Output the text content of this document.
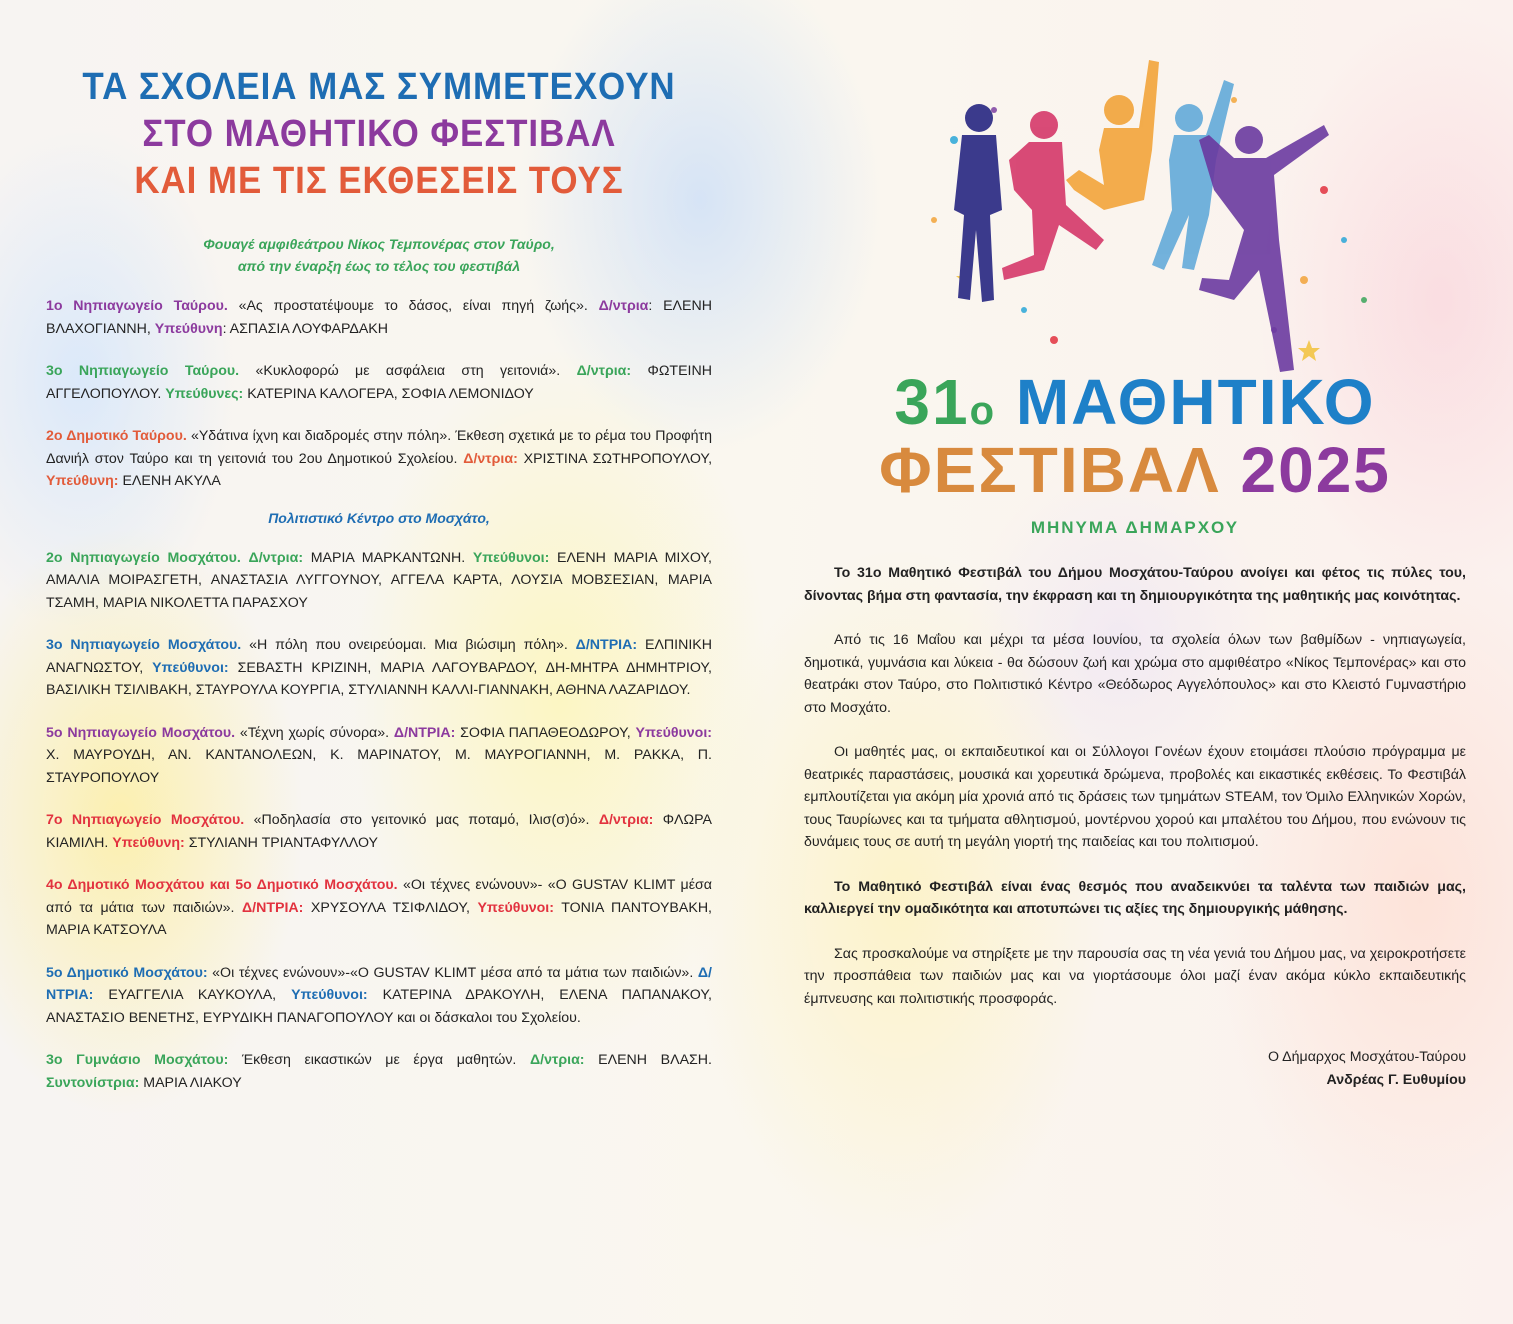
ΤΑ ΣΧΟΛΕΙΑ ΜΑΣ ΣΥΜΜΕΤΕΧΟΥΝ
ΣΤΟ ΜΑΘΗΤΙΚΟ ΦΕΣΤΙΒΑΛ
ΚΑΙ ΜΕ ΤΙΣ ΕΚΘΕΣΕΙΣ ΤΟΥΣ
Φουαγέ αμφιθεάτρου Νίκος Τεμπονέρας στον Ταύρο,
από την έναρξη έως το τέλος του φεστιβάλ

1ο Νηπιαγωγείο Ταύρου. «Ας προστατέψουμε το δάσος, είναι πηγή ζωής». Δ/ντρια: ΕΛΕΝΗ ΒΛΑΧΟΓΙΑΝΝΗ, Υπεύθυνη: ΑΣΠΑΣΙΑ ΛΟΥΦΑΡΔΑΚΗ

3ο Νηπιαγωγείο Ταύρου. «Κυκλοφορώ με ασφάλεια στη γειτονιά». Δ/ντρια: ΦΩΤΕΙΝΗ ΑΓΓΕΛΟΠΟΥΛΟΥ. Υπεύθυνες: ΚΑΤΕΡΙΝΑ ΚΑΛΟΓΕΡΑ, ΣΟΦΙΑ ΛΕΜΟΝΙΔΟΥ

2ο Δημοτικό Ταύρου. «Υδάτινα ίχνη και διαδρομές στην πόλη». Έκθεση σχετικά με το ρέμα του Προφήτη Δανιήλ στον Ταύρο και τη γειτονιά του 2ου Δημοτικού Σχολείου. Δ/ντρια: ΧΡΙΣΤΙΝΑ ΣΩΤΗΡΟΠΟΥΛΟΥ, Υπεύθυνη: ΕΛΕΝΗ ΑΚΥΛΑ

Πολιτιστικό Κέντρο στο Μοσχάτο,

2ο Νηπιαγωγείο Μοσχάτου. Δ/ντρια: ΜΑΡΙΑ ΜΑΡΚΑΝΤΩΝΗ. Υπεύθυνοι: ΕΛΕΝΗ ΜΑΡΙΑ ΜΙΧΟΥ, ΑΜΑΛΙΑ ΜΟΙΡΑΣΓΕΤΗ, ΑΝΑΣΤΑΣΙΑ ΛΥΓΓΟΥΝΟΥ, ΑΓΓΕΛΑ ΚΑΡΤΑ, ΛΟΥΣΙΑ ΜΟΒΣΕΣΙΑΝ, ΜΑΡΙΑ ΤΣΑΜΗ, ΜΑΡΙΑ ΝΙΚΟΛΕΤΤΑ ΠΑΡΑΣΧΟΥ

3ο Νηπιαγωγείο Μοσχάτου. «Η πόλη που ονειρεύομαι. Μια βιώσιμη πόλη». Δ/ΝΤΡΙΑ: ΕΛΠΙΝΙΚΗ ΑΝΑΓΝΩΣΤΟΥ, Υπεύθυνοι: ΣΕΒΑΣΤΗ ΚΡΙΖΙΝΗ, ΜΑΡΙΑ ΛΑΓΟΥΒΑΡΔΟΥ, ΔΗ-ΜΗΤΡΑ ΔΗΜΗΤΡΙΟΥ, ΒΑΣΙΛΙΚΗ ΤΣΙΛΙΒΑΚΗ, ΣΤΑΥΡΟΥΛΑ ΚΟΥΡΓΙΑ, ΣΤΥΛΙΑΝΝΗ ΚΑΛΛΙ-ΓΙΑΝΝΑΚΗ, ΑΘΗΝΑ ΛΑΖΑΡΙΔΟΥ.

5ο Νηπιαγωγείο Μοσχάτου. «Τέχνη χωρίς σύνορα». Δ/ΝΤΡΙΑ: ΣΟΦΙΑ ΠΑΠΑΘΕΟΔΩΡΟΥ, Υπεύθυνοι: Χ. ΜΑΥΡΟΥΔΗ, ΑΝ. ΚΑΝΤΑΝΟΛΕΩΝ, Κ. ΜΑΡΙΝΑΤΟΥ, Μ. ΜΑΥΡΟΓΙΑΝΝΗ, Μ. ΡΑΚΚΑ, Π. ΣΤΑΥΡΟΠΟΥΛΟΥ

7ο Νηπιαγωγείο Μοσχάτου. «Ποδηλασία στο γειτονικό μας ποταμό, Ιλισ(σ)ό». Δ/ντρια: ΦΛΩΡΑ ΚΙΑΜΙΛΗ. Υπεύθυνη: ΣΤΥΛΙΑΝΗ ΤΡΙΑΝΤΑΦΥΛΛΟΥ

4ο Δημοτικό Μοσχάτου και 5ο Δημοτικό Μοσχάτου. «Οι τέχνες ενώνουν»- «Ο GUSTAV KLIMT μέσα από τα μάτια των παιδιών». Δ/ΝΤΡΙΑ: ΧΡΥΣΟΥΛΑ ΤΣΙΦΛΙΔΟΥ, Υπεύθυνοι: ΤΟΝΙΑ ΠΑΝΤΟΥΒΑΚΗ, ΜΑΡΙΑ ΚΑΤΣΟΥΛΑ

5ο Δημοτικό Μοσχάτου: «Οι τέχνες ενώνουν»-«Ο GUSTAV KLIMT μέσα από τα μάτια των παιδιών». Δ/ΝΤΡΙΑ: ΕΥΑΓΓΕΛΙΑ ΚΑΥΚΟΥΛΑ, Υπεύθυνοι: ΚΑΤΕΡΙΝΑ ΔΡΑΚΟΥΛΗ, ΕΛΕΝΑ ΠΑΠΑΝΑΚΟΥ, ΑΝΑΣΤΑΣΙΟ ΒΕΝΕΤΗΣ, ΕΥΡΥΔΙΚΗ ΠΑΝΑΓΟΠΟΥΛΟΥ και οι δάσκαλοι του Σχολείου.

3ο Γυμνάσιο Μοσχάτου: Έκθεση εικαστικών με έργα μαθητών. Δ/ντρια: ΕΛΕΝΗ ΒΛΑΣΗ. Συντονίστρια: ΜΑΡΙΑ ΛΙΑΚΟΥ

31ο ΜΑΘΗΤΙΚΟ
ΦΕΣΤΙΒΑΛ 2025
ΜΗΝΥΜΑ ΔΗΜΑΡΧΟΥ

Το 31ο Μαθητικό Φεστιβάλ του Δήμου Μοσχάτου-Ταύρου ανοίγει και φέτος τις πύλες του, δίνοντας βήμα στη φαντασία, την έκφραση και τη δημιουργικότητα της μαθητικής μας κοινότητας.

Από τις 16 Μαΐου και μέχρι τα μέσα Ιουνίου, τα σχολεία όλων των βαθμίδων - νηπιαγωγεία, δημοτικά, γυμνάσια και λύκεια - θα δώσουν ζωή και χρώμα στο αμφιθέατρο «Νίκος Τεμπονέρας» και στο θεατράκι στον Ταύρο, στο Πολιτιστικό Κέντρο «Θεόδωρος Αγγελόπουλος» και στο Κλειστό Γυμναστήριο στο Μοσχάτο.

Οι μαθητές μας, οι εκπαιδευτικοί και οι Σύλλογοι Γονέων έχουν ετοιμάσει πλούσιο πρόγραμμα με θεατρικές παραστάσεις, μουσικά και χορευτικά δρώμενα, προβολές και εικαστικές εκθέσεις. Το Φεστιβάλ εμπλουτίζεται για ακόμη μία χρονιά από τις δράσεις των τμημάτων STEAM, τον Όμιλο Ελληνικών Χορών, τους Ταυρίωνες και τα τμήματα αθλητισμού, μοντέρνου χορού και μπαλέτου του Δήμου, που ενώνουν τις δυνάμεις τους σε αυτή τη μεγάλη γιορτή της παιδείας και του πολιτισμού.

Το Μαθητικό Φεστιβάλ είναι ένας θεσμός που αναδεικνύει τα ταλέντα των παιδιών μας, καλλιεργεί την ομαδικότητα και αποτυπώνει τις αξίες της δημιουργικής μάθησης.

Σας προσκαλούμε να στηρίξετε με την παρουσία σας τη νέα γενιά του Δήμου μας, να χειροκροτήσετε την προσπάθεια των παιδιών μας και να γιορτάσουμε όλοι μαζί έναν ακόμα κύκλο εκπαιδευτικής έμπνευσης και πολιτιστικής προσφοράς.

Ο Δήμαρχος Μοσχάτου-Ταύρου
Ανδρέας Γ. Ευθυμίου
